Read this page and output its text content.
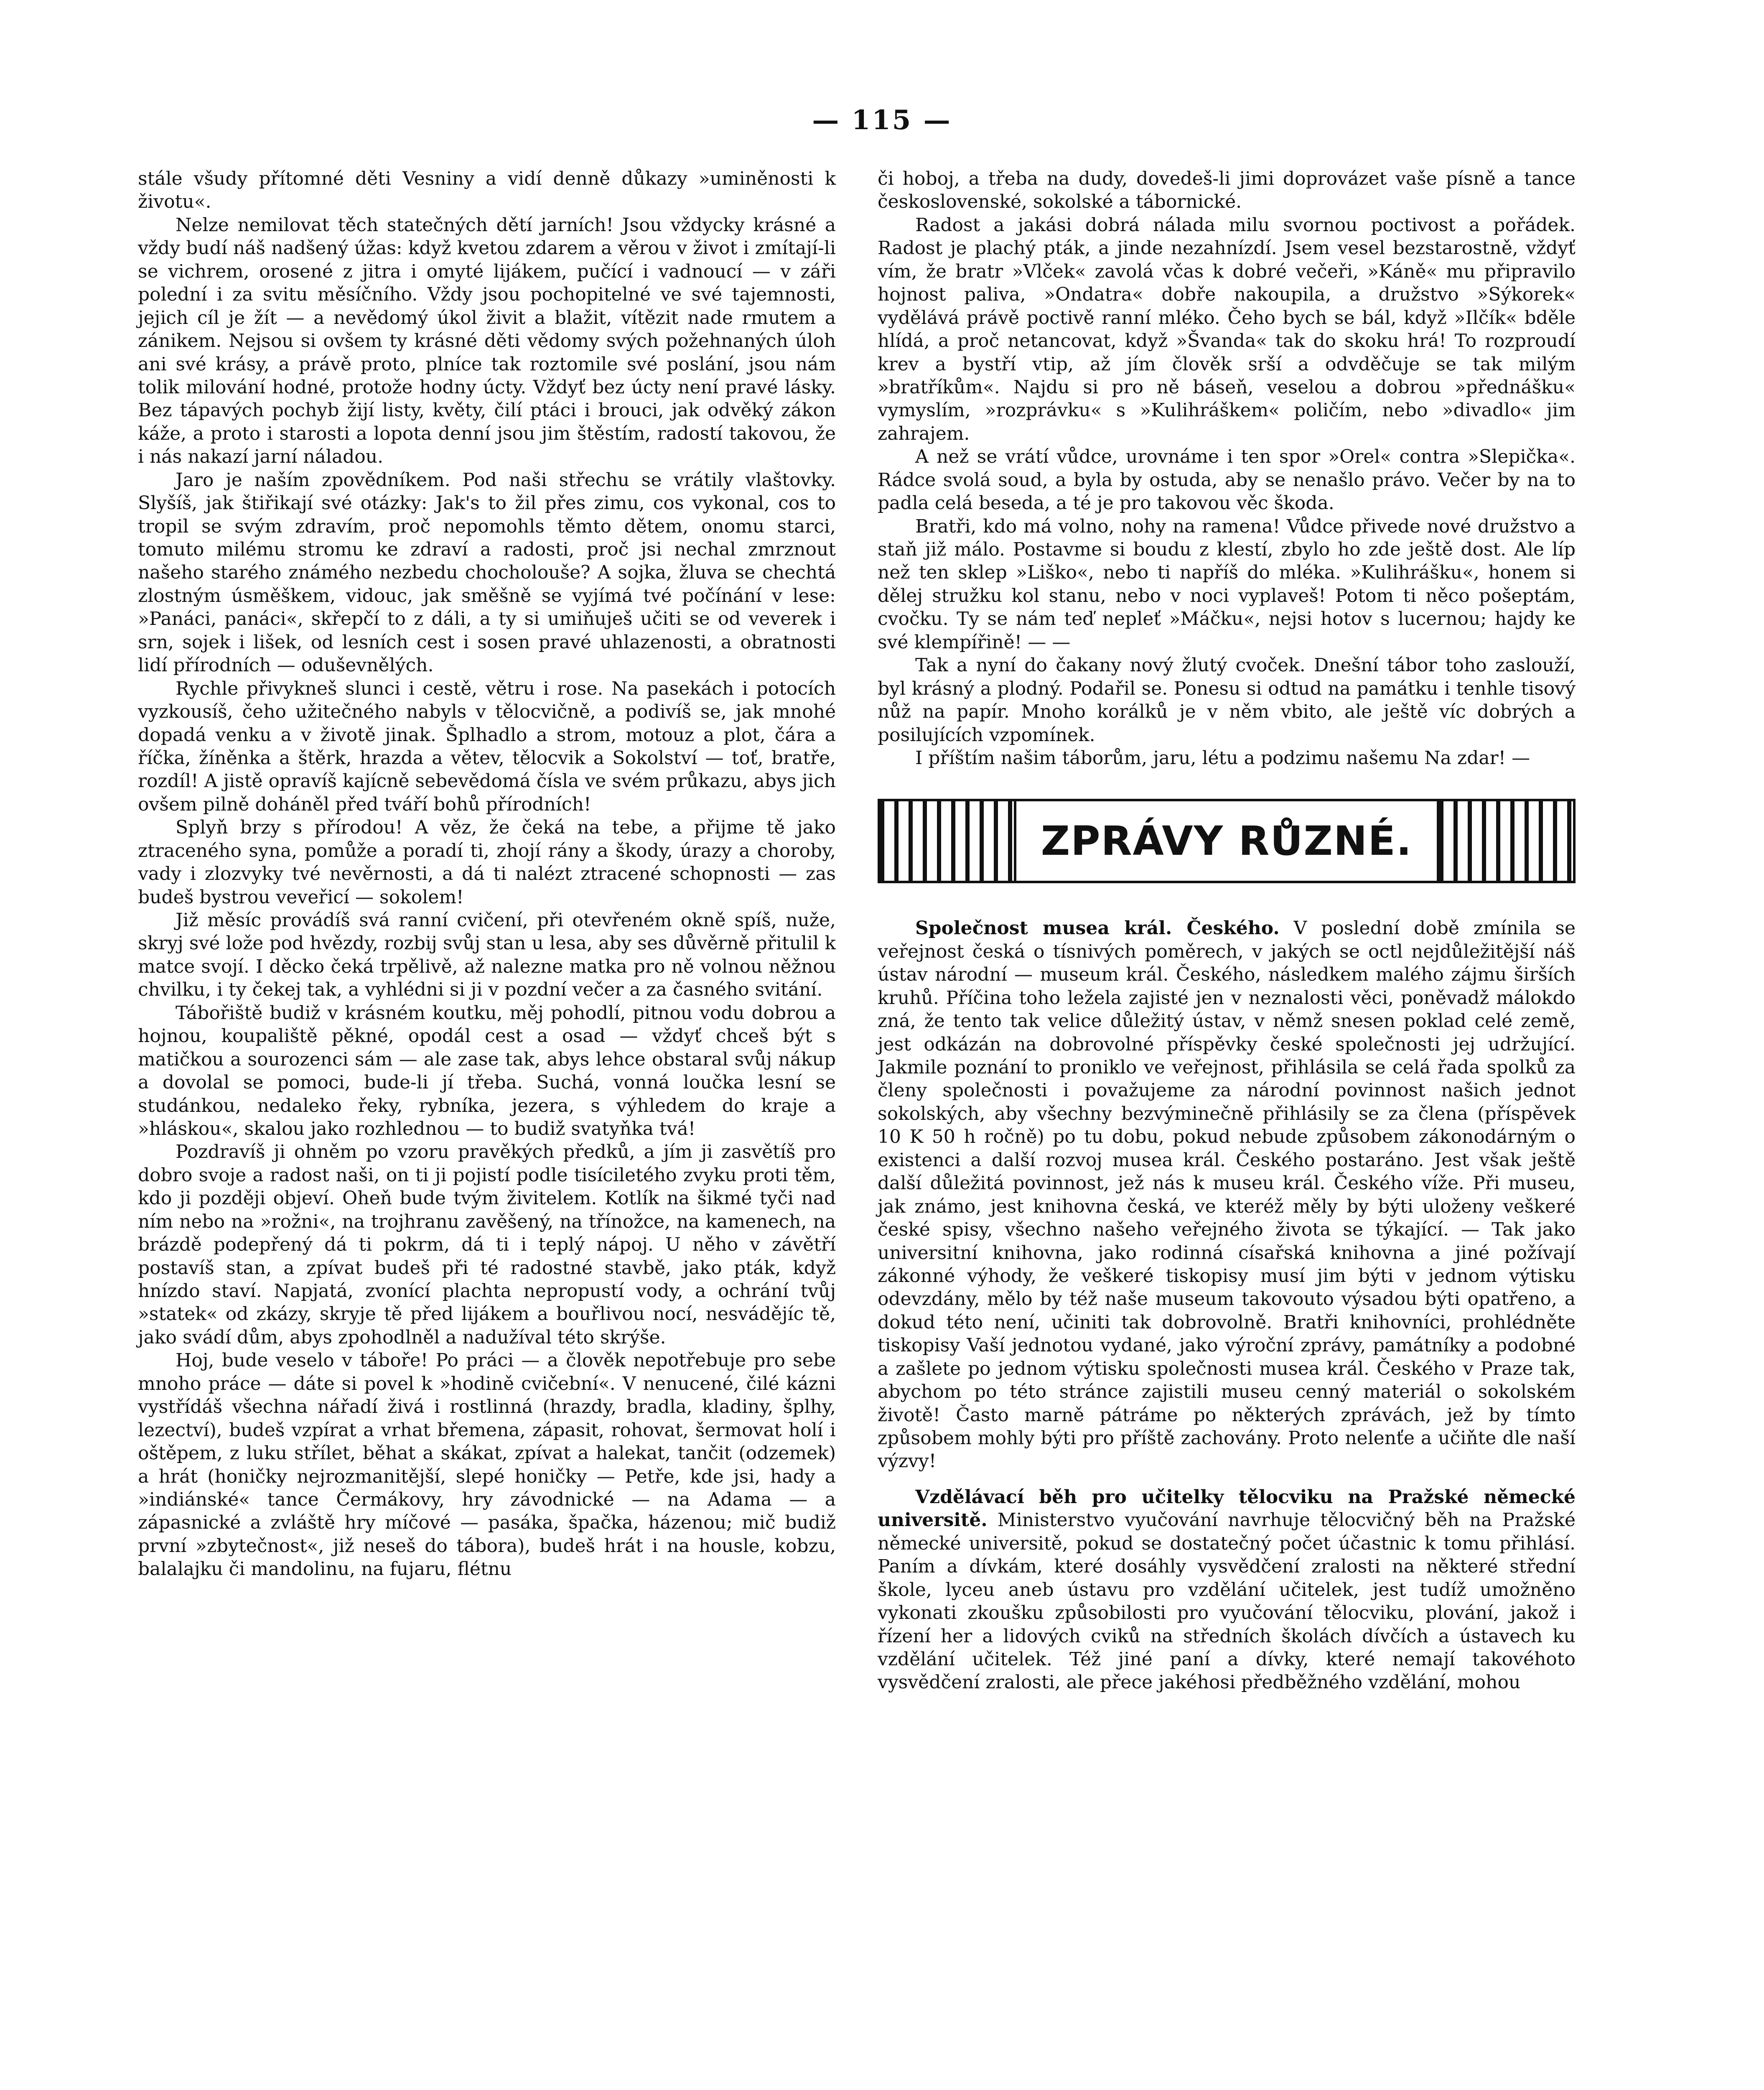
— 115 —

stále všudy přítomné děti Vesniny a vidí denně důkazy »uminěnosti k životu«.

Nelze nemilovat těch statečných dětí jarních! Jsou vždycky krásné a vždy budí náš nadšený úžas: když kvetou zdarem a věrou v život i zmítají-li se vichrem, orosené z jitra i omyté lijákem, pučící i vadnoucí — v záři polední i za svitu měsíčního. Vždy jsou pochopitelné ve své tajemnosti, jejich cíl je žít — a nevědomý úkol živit a blažit, vítězit nade rmutem a zánikem. Nejsou si ovšem ty krásné děti vědomy svých požehnaných úloh ani své krásy, a právě proto, plníce tak roztomile své poslání, jsou nám tolik milování hodné, protože hodny úcty. Vždyť bez úcty není pravé lásky. Bez tápavých pochyb žijí listy, květy, čilí ptáci i brouci, jak odvěký zákon káže, a proto i starosti a lopota denní jsou jim štěstím, radostí takovou, že i nás nakazí jarní náladou.

Jaro je naším zpovědníkem. Pod naši střechu se vrátily vlaštovky. Slyšíš, jak štiřikají své otázky: Jak's to žil přes zimu, cos vykonal, cos to tropil se svým zdravím, proč nepomohls těmto dětem, onomu starci, tomuto milému stromu ke zdraví a radosti, proč jsi nechal zmrznout našeho starého známého nezbedu chocholouše? A sojka, žluva se chechtá zlostným úsměškem, vidouc, jak směšně se vyjímá tvé počínání v lese: »Panáci, panáci«, skřepčí to z dáli, a ty si umiňuješ učiti se od veverek i srn, sojek i lišek, od lesních cest i sosen pravé uhlazenosti, a obratnosti lidí přírodních — oduševnělých.

Rychle přivykneš slunci i cestě, větru i rose. Na pasekách i potocích vyzkousíš, čeho užitečného nabyls v tělocvičně, a podivíš se, jak mnohé dopadá venku a v životě jinak. Šplhadlo a strom, motouz a plot, čára a říčka, žíněnka a štěrk, hrazda a větev, tělocvik a Sokolství — toť, bratře, rozdíl! A jistě opravíš kajícně sebevědomá čísla ve svém průkazu, abys jich ovšem pilně doháněl před tváří bohů přírodních!

Splyň brzy s přírodou! A věz, že čeká na tebe, a přijme tě jako ztraceného syna, pomůže a poradí ti, zhojí rány a škody, úrazy a choroby, vady i zlozvyky tvé nevěrnosti, a dá ti nalézt ztracené schopnosti — zas budeš bystrou veveřicí — sokolem!

Již měsíc provádíš svá ranní cvičení, při otevřeném okně spíš, nuže, skryj své lože pod hvězdy, rozbij svůj stan u lesa, aby ses důvěrně přitulil k matce svojí. I děcko čeká trpělivě, až nalezne matka pro ně volnou něžnou chvilku, i ty čekej tak, a vyhlédni si ji v pozdní večer a za časného svitání.

Tábořiště budiž v krásném koutku, měj pohodlí, pitnou vodu dobrou a hojnou, koupaliště pěkné, opodál cest a osad — vždyť chceš být s matičkou a sourozenci sám — ale zase tak, abys lehce obstaral svůj nákup a dovolal se pomoci, bude-li jí třeba. Suchá, vonná loučka lesní se studánkou, nedaleko řeky, rybníka, jezera, s výhledem do kraje a »hláskou«, skalou jako rozhlednou — to budiž svatyňka tvá!

Pozdravíš ji ohněm po vzoru pravěkých předků, a jím ji zasvětíš pro dobro svoje a radost naši, on ti ji pojistí podle tisíciletého zvyku proti těm, kdo ji později objeví. Oheň bude tvým živitelem. Kotlík na šikmé tyči nad ním nebo na »rožni«, na trojhranu zavěšený, na třínožce, na kamenech, na brázdě podepřený dá ti pokrm, dá ti i teplý nápoj. U něho v závětří postavíš stan, a zpívat budeš při té radostné stavbě, jako pták, když hnízdo staví. Napjatá, zvonící plachta nepropustí vody, a ochrání tvůj »statek« od zkázy, skryje tě před lijákem a bouřlivou nocí, nesvádějíc tě, jako svádí dům, abys zpohodlněl a nadužíval této skrýše.

Hoj, bude veselo v táboře! Po práci — a člověk nepotřebuje pro sebe mnoho práce — dáte si povel k »hodině cvičební«. V nenucené, čilé kázni vystřídáš všechna nářadí živá i rostlinná (hrazdy, bradla, kladiny, šplhy, lezectví), budeš vzpírat a vrhat břemena, zápasit, rohovat, šermovat holí i oštěpem, z luku střílet, běhat a skákat, zpívat a halekat, tančit (odzemek) a hrát (honičky nejrozmanitější, slepé honičky — Petře, kde jsi, hady a »indiánské« tance Čermákovy, hry závodnické — na Adama — a zápasnické a zvláště hry míčové — pasáka, špačka, házenou; mič budiž první »zbytečnost«, již neseš do tábora), budeš hrát i na housle, kobzu, balalajku či mandolinu, na fujaru, flétnu

či hoboj, a třeba na dudy, dovedeš-li jimi doprovázet vaše písně a tance československé, sokolské a tábornické.

Radost a jakási dobrá nálada milu svornou poctivost a pořádek. Radost je plachý pták, a jinde nezahnízdí. Jsem vesel bezstarostně, vždyť vím, že bratr »Vlček« zavolá včas k dobré večeři, »Káně« mu připravilo hojnost paliva, »Ondatra« dobře nakoupila, a družstvo »Sýkorek« vydělává právě poctivě ranní mléko. Čeho bych se bál, když »Ilčík« bděle hlídá, a proč netancovat, když »Švanda« tak do skoku hrá! To rozproudí krev a bystří vtip, až jím člověk srší a odvděčuje se tak milým »bratříkům«. Najdu si pro ně báseň, veselou a dobrou »přednášku« vymyslím, »rozprávku« s »Kulihráškem« poličím, nebo »divadlo« jim zahrajem.

A než se vrátí vůdce, urovnáme i ten spor »Orel« contra »Slepička«. Rádce svolá soud, a byla by ostuda, aby se nenašlo právo. Večer by na to padla celá beseda, a té je pro takovou věc škoda.

Bratři, kdo má volno, nohy na ramena! Vůdce přivede nové družstvo a staň již málo. Postavme si boudu z klestí, zbylo ho zde ještě dost. Ale líp než ten sklep »Liško«, nebo ti napříš do mléka. »Kulihrášku«, honem si dělej stružku kol stanu, nebo v noci vyplaveš! Potom ti něco pošeptám, cvočku. Ty se nám teď nepleť »Máčku«, nejsi hotov s lucernou; hajdy ke své klempířině! — —

Tak a nyní do čakany nový žlutý cvoček. Dnešní tábor toho zaslouží, byl krásný a plodný. Podařil se. Ponesu si odtud na památku i tenhle tisový nůž na papír. Mnoho korálků je v něm vbito, ale ještě víc dobrých a posilujících vzpomínek.

I příštím našim táborům, jaru, létu a podzimu našemu Na zdar! —

ZPRÁVY RŮZNÉ.

Společnost musea král. Českého. V poslední době zmínila se veřejnost česká o tísnivých poměrech, v jakých se octl nejdůležitější náš ústav národní — museum král. Českého, následkem malého zájmu širších kruhů. Příčina toho ležela zajisté jen v neznalosti věci, poněvadž málokdo zná, že tento tak velice důležitý ústav, v němž snesen poklad celé země, jest odkázán na dobrovolné příspěvky české společnosti jej udržující. Jakmile poznání to proniklo ve veřejnost, přihlásila se celá řada spolků za členy společnosti i považujeme za národní povinnost našich jednot sokolských, aby všechny bezvýminečně přihlásily se za člena (příspěvek 10 K 50 h ročně) po tu dobu, pokud nebude způsobem zákonodárným o existenci a další rozvoj musea král. Českého postaráno. Jest však ještě další důležitá povinnost, jež nás k museu král. Českého víže. Při museu, jak známo, jest knihovna česká, ve kteréž měly by býti uloženy veškeré české spisy, všechno našeho veřejného života se týkající. — Tak jako universitní knihovna, jako rodinná císařská knihovna a jiné požívají zákonné výhody, že veškeré tiskopisy musí jim býti v jednom výtisku odevzdány, mělo by též naše museum takovouto výsadou býti opatřeno, a dokud této není, učiniti tak dobrovolně. Bratři knihovníci, prohlédněte tiskopisy Vaší jednotou vydané, jako výroční zprávy, památníky a podobné a zašlete po jednom výtisku společnosti musea král. Českého v Praze tak, abychom po této stránce zajistili museu cenný materiál o sokolském životě! Často marně pátráme po některých zprávách, jež by tímto způsobem mohly býti pro příště zachovány. Proto nelenťe a učiňte dle naší výzvy!

Vzdělávací běh pro učitelky tělocviku na Pražské německé universitě. Ministerstvo vyučování navrhuje tělocvičný běh na Pražské německé universitě, pokud se dostatečný počet účastnic k tomu přihlásí. Paním a dívkám, které dosáhly vysvědčení zralosti na některé střední škole, lyceu aneb ústavu pro vzdělání učitelek, jest tudíž umožněno vykonati zkoušku způsobilosti pro vyučování tělocviku, plování, jakož i řízení her a lidových cviků na středních školách dívčích a ústavech ku vzdělání učitelek. Též jiné paní a dívky, které nemají takovéhoto vysvědčení zralosti, ale přece jakéhosi předběžného vzdělání, mohou
